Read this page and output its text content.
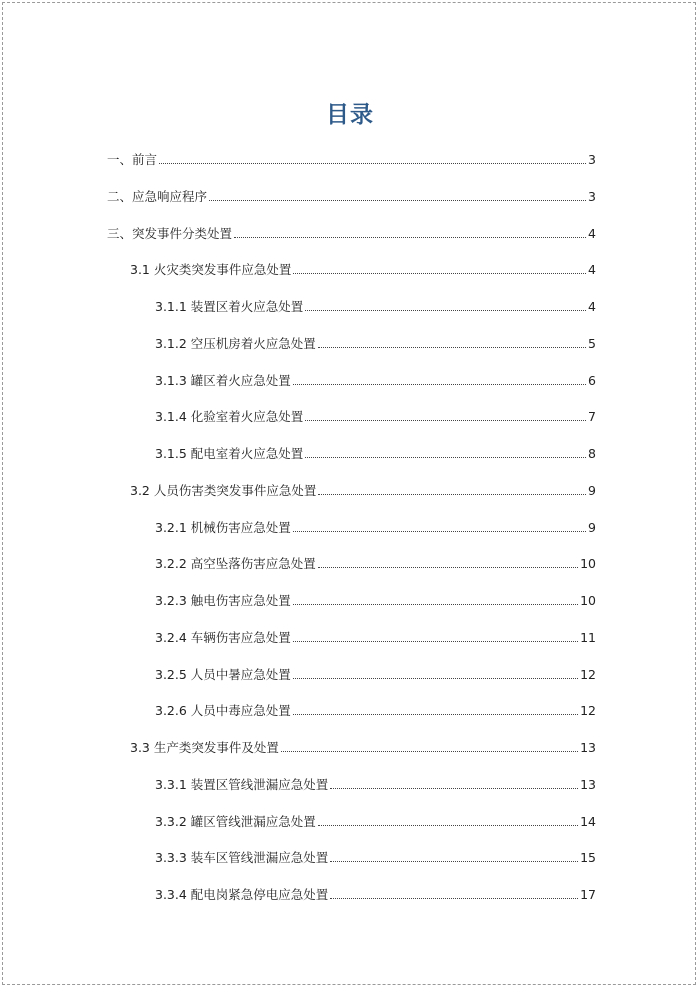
目录
一、前言	3
二、应急响应程序	3
三、突发事件分类处置	4
3.1 火灾类突发事件应急处置	4
3.1.1 装置区着火应急处置	4
3.1.2 空压机房着火应急处置	5
3.1.3 罐区着火应急处置	6
3.1.4 化验室着火应急处置	7
3.1.5 配电室着火应急处置	8
3.2 人员伤害类突发事件应急处置	9
3.2.1 机械伤害应急处置	9
3.2.2 高空坠落伤害应急处置	10
3.2.3 触电伤害应急处置	10
3.2.4 车辆伤害应急处置	11
3.2.5 人员中暑应急处置	12
3.2.6 人员中毒应急处置	12
3.3 生产类突发事件及处置	13
3.3.1 装置区管线泄漏应急处置	13
3.3.2 罐区管线泄漏应急处置	14
3.3.3 装车区管线泄漏应急处置	15
3.3.4 配电岗紧急停电应急处置	17
